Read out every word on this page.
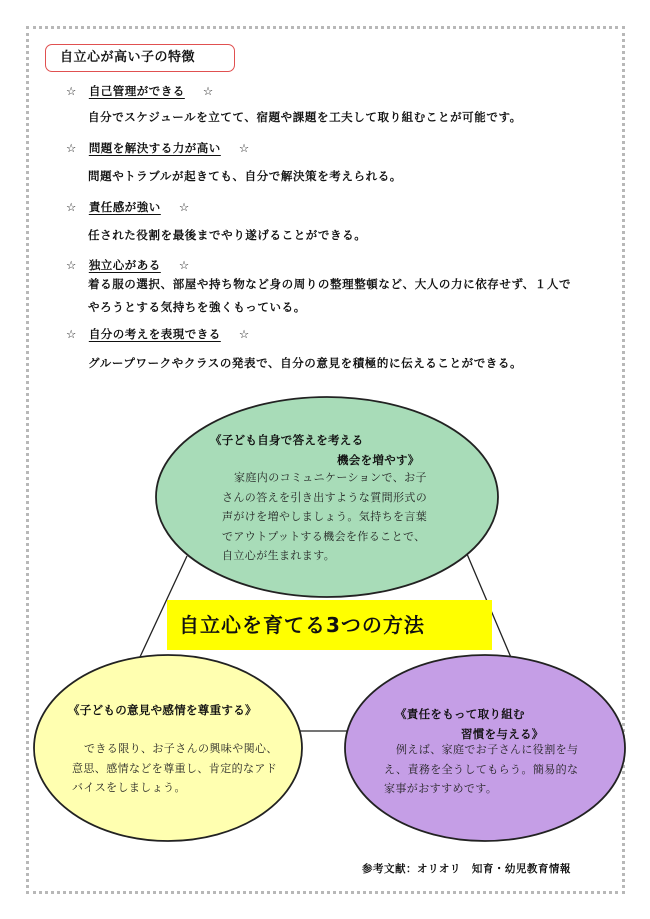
自立心が高い子の特徴
☆ 自己管理ができる ☆
自分でスケジュールを立てて、宿題や課題を工夫して取り組むことが可能です。
☆ 問題を解決する力が高い ☆
問題やトラブルが起きても、自分で解決策を考えられる。
☆ 責任感が強い ☆
任された役割を最後までやり遂げることができる。
☆ 独立心がある ☆
着る服の選択、部屋や持ち物など身の周りの整理整頓など、大人の力に依存せず、１人で
やろうとする気持ちを強くもっている。
☆ 自分の考えを表現できる ☆
グループワークやクラスの発表で、自分の意見を積極的に伝えることができる。
《子ども自身で答えを考える
機会を増やす》
家庭内のコミュニケーションで、お子
さんの答えを引き出すような質問形式の
声がけを増やしましょう。気持ちを言葉
でアウトプットする機会を作ることで、
自立心が生まれます。
自立心を育てる3つの方法
《子どもの意見や感情を尊重する》
できる限り、お子さんの興味や関心、
意思、感情などを尊重し、肯定的なアド
バイスをしましょう。
《責任をもって取り組む
習慣を与える》
例えば、家庭でお子さんに役割を与
え、責務を全うしてもらう。簡易的な
家事がおすすめです。
参考文献：オリオリ　知育・幼児教育情報
